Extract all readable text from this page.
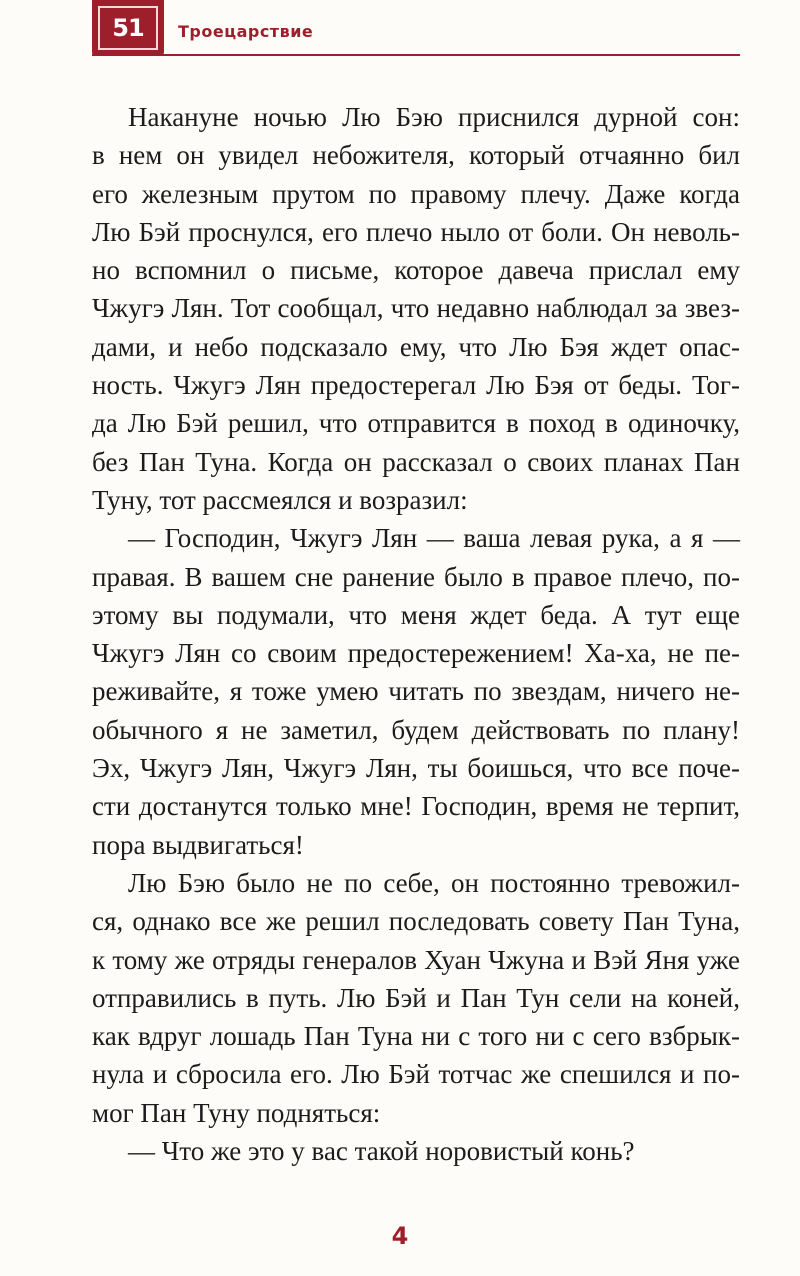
51	Троецарствие
Накануне ночью Лю Бэю приснился дурной сон:
в нем он увидел небожителя, который отчаянно бил
его железным прутом по правому плечу. Даже когда
Лю Бэй проснулся, его плечо ныло от боли. Он неволь-
но вспомнил о письме, которое давеча прислал ему
Чжугэ Лян. Тот сообщал, что недавно наблюдал за звез-
дами, и небо подсказало ему, что Лю Бэя ждет опас-
ность. Чжугэ Лян предостерегал Лю Бэя от беды. Тог-
да Лю Бэй решил, что отправится в поход в одиночку,
без Пан Туна. Когда он рассказал о своих планах Пан
Туну, тот рассмеялся и возразил:
— Господин, Чжугэ Лян — ваша левая рука, а я —
правая. В вашем сне ранение было в правое плечо, по-
этому вы подумали, что меня ждет беда. А тут еще
Чжугэ Лян со своим предостережением! Ха-ха, не пе-
реживайте, я тоже умею читать по звездам, ничего не-
обычного я не заметил, будем действовать по плану!
Эх, Чжугэ Лян, Чжугэ Лян, ты боишься, что все поче-
сти достанутся только мне! Господин, время не терпит,
пора выдвигаться!
Лю Бэю было не по себе, он постоянно тревожил-
ся, однако все же решил последовать совету Пан Туна,
к тому же отряды генералов Хуан Чжуна и Вэй Яня уже
отправились в путь. Лю Бэй и Пан Тун сели на коней,
как вдруг лошадь Пан Туна ни с того ни с сего взбрык-
нула и сбросила его. Лю Бэй тотчас же спешился и по-
мог Пан Туну подняться:
— Что же это у вас такой норовистый конь?
4
